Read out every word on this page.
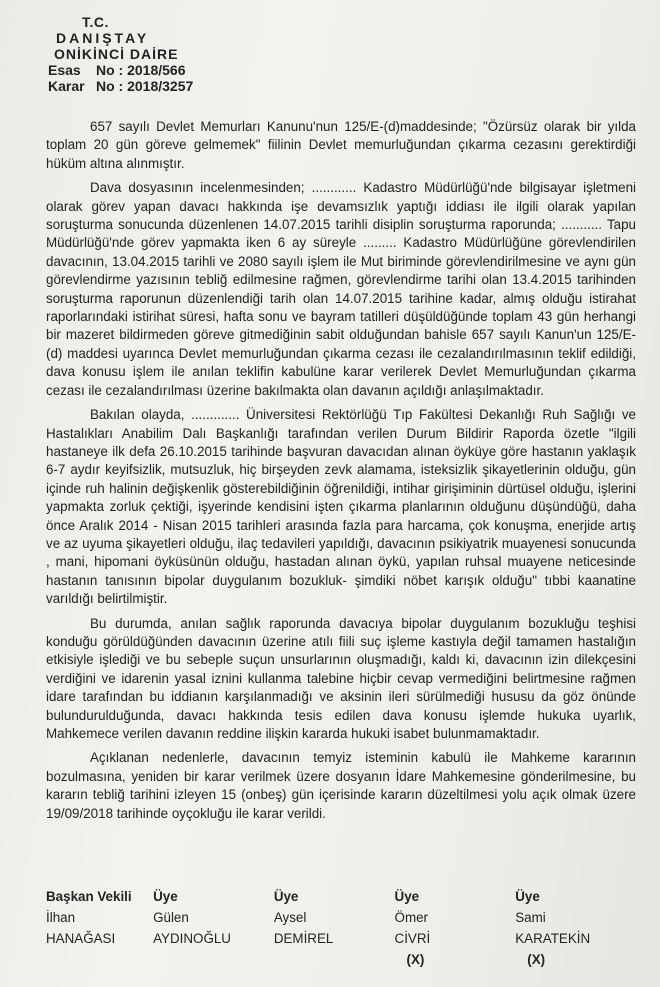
T.C.
DANIŞTAY
ONİKİNCİ DAİRE
Esas	No : 2018/566
Karar No : 2018/3257

657 sayılı Devlet Memurları Kanunu'nun 125/E-(d)maddesinde; "Özürsüz olarak bir yılda toplam 20 gün göreve gelmemek" fiilinin Devlet memurluğundan çıkarma cezasını gerektirdiği hüküm altına alınmıştır.

Dava dosyasının incelenmesinden; ............ Kadastro Müdürlüğü'nde bilgisayar işletmeni olarak görev yapan davacı hakkında işe devamsızlık yaptığı iddiası ile ilgili olarak yapılan soruşturma sonucunda düzenlenen 14.07.2015 tarihli disiplin soruşturma raporunda; ........... Tapu Müdürlüğü'nde görev yapmakta iken 6 ay süreyle ......... Kadastro Müdürlüğüne görevlendirilen davacının, 13.04.2015 tarihli ve 2080 sayılı işlem ile Mut biriminde görevlendirilmesine ve aynı gün görevlendirme yazısının tebliğ edilmesine rağmen, görevlendirme tarihi olan 13.4.2015 tarihinden soruşturma raporunun düzenlendiği tarih olan 14.07.2015 tarihine kadar, almış olduğu istirahat raporlarındaki istirihat süresi, hafta sonu ve bayram tatilleri düşüldüğünde toplam 43 gün herhangi bir mazeret bildirmeden göreve gitmediğinin sabit olduğundan bahisle 657 sayılı Kanun'un 125/E-(d) maddesi uyarınca Devlet memurluğundan çıkarma cezası ile cezalandırılmasının teklif edildiği, dava konusu işlem ile anılan teklifin kabulüne karar verilerek Devlet Memurluğundan çıkarma cezası ile cezalandırılması üzerine bakılmakta olan davanın açıldığı anlaşılmaktadır.

Bakılan olayda, ............. Üniversitesi Rektörlüğü Tıp Fakültesi Dekanlığı Ruh Sağlığı ve Hastalıkları Anabilim Dalı Başkanlığı tarafından verilen Durum Bildirir Raporda özetle "ilgili hastaneye ilk defa 26.10.2015 tarihinde başvuran davacıdan alınan öyküye göre hastanın yaklaşık 6-7 aydır keyifsizlik, mutsuzluk, hiç birşeyden zevk alamama, isteksizlik şikayetlerinin olduğu, gün içinde ruh halinin değişkenlik gösterebildiğinin öğrenildiği, intihar girişiminin dürtüsel olduğu, işlerini yapmakta zorluk çektiği, işyerinde kendisini işten çıkarma planlarının olduğunu düşündüğü, daha önce Aralık 2014 - Nisan 2015 tarihleri arasında fazla para harcama, çok konuşma, enerjide artış ve az uyuma şikayetleri olduğu, ilaç tedavileri yapıldığı, davacının psikiyatrik muayenesi sonucunda , mani, hipomani öyküsünün olduğu, hastadan alınan öykü, yapılan ruhsal muayene neticesinde hastanın tanısının bipolar duygulanım bozukluk- şimdiki nöbet karışık olduğu" tıbbi kaanatine varıldığı belirtilmiştir.

Bu durumda, anılan sağlık raporunda davacıya bipolar duygulanım bozukluğu teşhisi konduğu görüldüğünden davacının üzerine atılı fiili suç işleme kastıyla değil tamamen hastalığın etkisiyle işlediği ve bu sebeple suçun unsurlarının oluşmadığı, kaldı ki, davacının izin dilekçesini verdiğini ve idarenin yasal iznini kullanma talebine hiçbir cevap vermediğini belirtmesine rağmen idare tarafından bu iddianın karşılanmadığı ve aksinin ileri sürülmediği hususu da göz önünde bulundurulduğunda, davacı hakkında tesis edilen dava konusu işlemde hukuka uyarlık, Mahkemece verilen davanın reddine ilişkin kararda hukuki isabet bulunmamaktadır.

Açıklanan nedenlerle, davacının temyiz isteminin kabulü ile Mahkeme kararının bozulmasına, yeniden bir karar verilmek üzere dosyanın İdare Mahkemesine gönderilmesine, bu kararın tebliğ tarihini izleyen 15 (onbeş) gün içerisinde kararın düzeltilmesi yolu açık olmak üzere 19/09/2018 tarihinde oyçokluğu ile karar verildi.

Başkan Vekili
İlhan
HANAĞASI
Üye
Gülen
AYDINOĞLU
Üye
Aysel
DEMİREL
Üye
Ömer
CİVRİ
(X)
Üye
Sami
KARATEKİN
(X)
